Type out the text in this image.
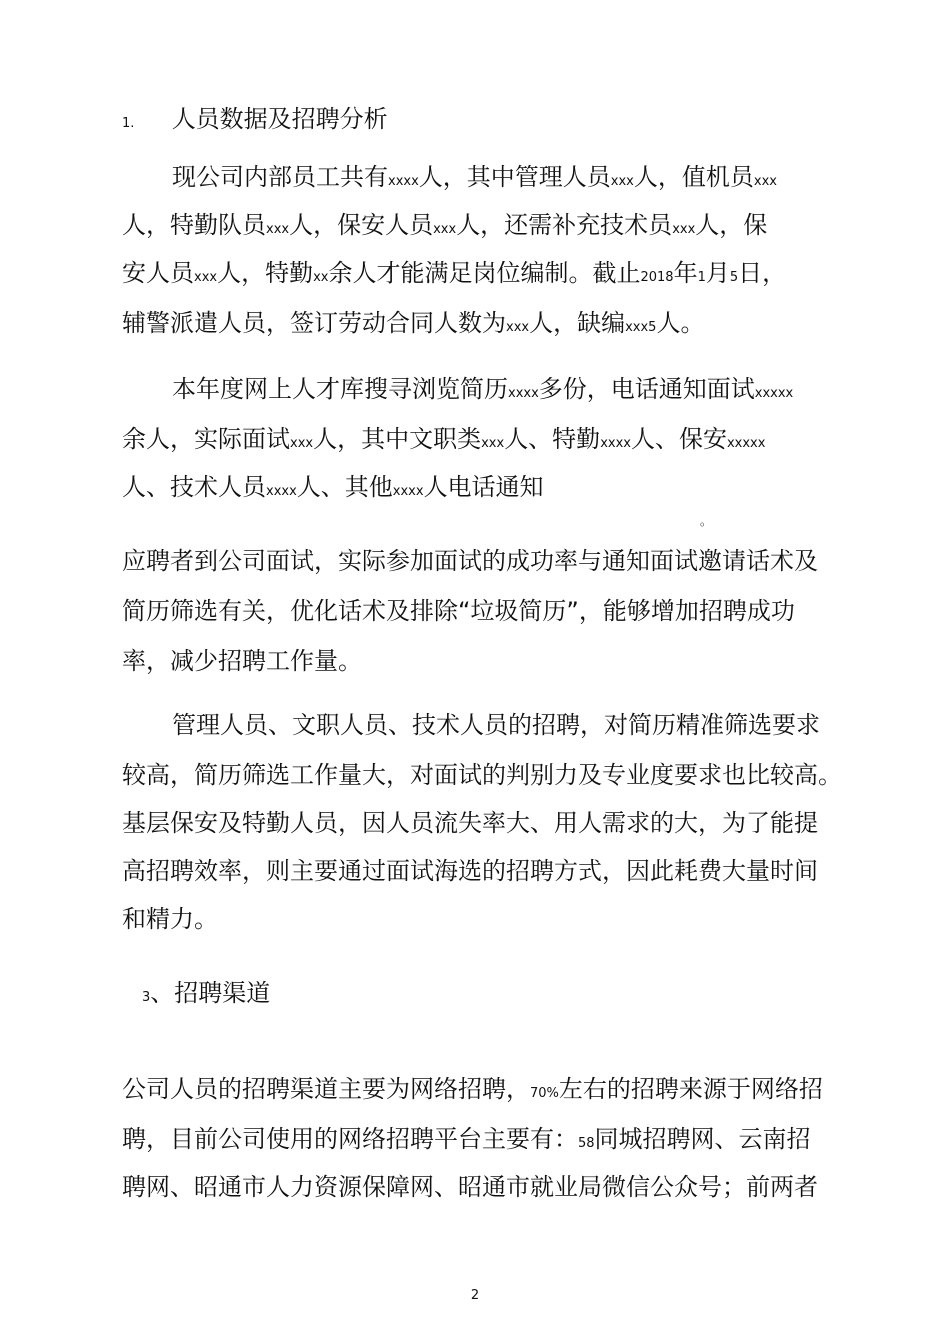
1. 人员数据及招聘分析
现公司内部员工共有xxxx人，其中管理人员xxx人，值机员xxx
人，特勤队员xxx人，保安人员xxx人，还需补充技术员xxx人，保
安人员xxx人，特勤xx余人才能满足岗位编制。截止2018年1月5日，
辅警派遣人员，签订劳动合同人数为xxx人，缺编xxx5人。
本年度网上人才库搜寻浏览简历xxxx多份，电话通知面试xxxxx
余人，实际面试xxx人，其中文职类xxx人、特勤xxxx人、保安xxxxx
人、技术人员xxxx人、其他xxxx人电话通知
。
应聘者到公司面试，实际参加面试的成功率与通知面试邀请话术及
简历筛选有关，优化话术及排除“垃圾简历”，能够增加招聘成功
率，减少招聘工作量。
管理人员、文职人员、技术人员的招聘，对简历精准筛选要求
较高，简历筛选工作量大，对面试的判别力及专业度要求也比较高。
基层保安及特勤人员，因人员流失率大、用人需求的大，为了能提
高招聘效率，则主要通过面试海选的招聘方式，因此耗费大量时间
和精力。
3、招聘渠道
公司人员的招聘渠道主要为网络招聘，70%左右的招聘来源于网络招
聘，目前公司使用的网络招聘平台主要有：58同城招聘网、云南招
聘网、昭通市人力资源保障网、昭通市就业局微信公众号；前两者
2
